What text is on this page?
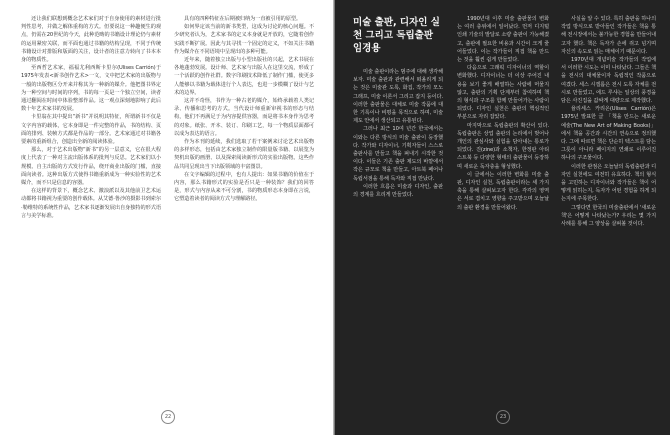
还让我们联想到概念艺术家们对于自身使用的素材进行批判性思考，并做之解体重构的方式。但要说这一种趣便生的观点，仍需在20世纪的今天，此种范畴的书籍设计理论仍与素材的运用紧密关联，而平面也通过书籍的结构呈现，不同于传统书籍设计对排版和版面的关注，设计者的注意力转向了书本本身的物质性。

至西哲艺术家，福福尤利西斯卡里尔(Ulises Carrión)于1975年发表<新书创作艺术>一文，文中把艺术家的出版物与一般的出版物区分开来并称其为一种新的媒介。他把图书界定为一种空间与时间的序列，书的每一页是一个独立空间，读者通过翻阅在时间中体验整部作品。这一观点深刻地影响了此后数十年艺术家书的发展。

卡里翁在其中提出“新书”并说明其特征，所谓新书不仅是文字内容的载体，它本身即是一件完整的作品，书的结构、页面的排列、装帧方式都是作品的一部分。艺术家通过对书籍各要素的重新组合，创造出全新的阅读体验。

那么，对于艺术出版物“新书”的另一层意义，它在很大程度上代表了一种对主流出版体系的批判与反思。艺术家们以小规模、自主出版的方式发行作品，绕开商业出版的门槛，直接面向读者。这种出版方式使得书籍重新成为一种实验性的艺术媒介，而不只是信息的容器。

在这样的背景下，概念艺术、激浪派以及其他前卫艺术运动都将书籍视为重要的创作载体。从艾德·鲁沙的摄影书到索尔·勒维特的系统性作品，艺术家书逐渐发展出自身独特的形式语言与美学标准。

具有的四种特征在后期被归纳为一直被引用的原型。

如何界定该当前的新书类型，这成为讨论的核心问题。不少研究者认为，艺术家书的定义本身就是开放的，它随着创作实践不断扩展。因此与其寻找一个固定的定义，不如关注书籍作为媒介在不同语境中呈现出的多种可能。

近年来，随着独立出版与小型出版社的兴起，艺术书展在各地蓬勃发展。设计师、艺术家与出版人在这里交流，形成了一个活跃的创作社群。数字印刷技术降低了制作门槛，使更多人能够以书籍为载体进行个人表达，也进一步模糊了设计与艺术的边界。

这并不奇怪，书作为一种古老的媒介，始终承载着人类记录、传播和思考的方式。当代设计师重新审视书的形态与结构，他们不再满足于为内容提供容器，而是将书本身作为思考的对象。纸张、开本、装订、印刷工艺，每一个物质层面都可以成为表达的语言。

作为本刊的延续，我们选取了若干案例来讨论艺术出版物的多样形态，包括由艺术家独立制作的限量版书籍、以展览为契机出版的画册、以及探索阅读新形式的实验出版物。这些作品共同呈现出当下出版领域的丰富图景。

在文字编辑的过程中，也有人提出：如果书籍的价值在于内容，那么书籍形式的实验是否只是一种装饰？我们的回答是，形式与内容从来不可分割，书的物质形态本身即在言说，它塑造着读者的阅读方式与理解路径。

22
미술 출판, 디자인 실천 그리고 독립출판
임경용

미술 출판이라는 범주에 대해 생각해보자. 미술 출판과 관련해서 떠올리게 되는 것은 미술관 도록, 화집, 작가의 모노그래프, 미술 이론서 그리고 잡지 등이다. 이러한 출판물은 대체로 미술 작품에 대한 기록이나 비평을 목적으로 하며, 미술 제도 안에서 생산되고 유통된다.

그러나 최근 10여 년간 한국에서는 이와는 다른 방식의 미술 출판이 등장했다. 작가와 디자이너, 기획자들이 스스로 출판사를 만들고 책을 펴내기 시작한 것이다. 이들은 기존 출판 제도의 바깥에서 작은 규모로 책을 만들고, 아트북 페어나 독립서점을 통해 독자와 직접 만났다.

이러한 흐름은 미술과 디자인, 출판의 경계를 흐리게 만들었다.

1990년대 이후 미술 출판물의 변화는 여러 층위에서 일어났다. 먼저 디지털 인쇄 기술의 발달로 소량 출판이 가능해졌고, 출판에 필요한 비용과 시간이 크게 줄어들었다. 이는 작가들이 직접 책을 만드는 것을 훨씬 쉽게 만들었다.

다음으로 그래픽 디자이너의 역할이 변화했다. 디자이너는 더 이상 주어진 내용을 보기 좋게 배열하는 사람에 머물지 않고, 출판의 기획 단계부터 참여하며 책의 형식과 구조를 함께 만들어가는 사람이 되었다. 디자인 실천은 출판의 핵심적인 부분으로 자리 잡았다.

마지막으로 독립출판의 확산이 있다. 독립출판은 상업 출판의 논리에서 벗어나 개인의 관심사와 실험을 담아내는 통로가 되었다. 진(zine)과 소책자, 한정판 아티스트북 등 다양한 형태의 출판물이 등장하며 새로운 독자층을 형성했다.

이 글에서는 이러한 변화를 미술 출판, 디자인 실천, 독립출판이라는 세 가지 축을 통해 살펴보고자 한다. 각각의 영역은 서로 겹치고 영향을 주고받으며 오늘날의 출판 환경을 만들어왔다.

사실을 알 수 있다. 특히 출판을 하나의 작업 방식으로 받아들인 작가들은 책을 통해 전시장에서는 불가능한 경험을 만들어내고자 했다. 책은 독자가 손에 쥐고 넘기며 자신의 속도로 읽는 매체이기 때문이다.

1970년대 개념미술 작가들의 작업에서 이러한 시도는 이미 나타났다. 그들은 책을 전시의 대체물이자 독립적인 작품으로 여겼다. 세스 시겔롭은 전시 도록 자체를 전시로 만들었고, 에드 루샤는 일상의 풍경을 담은 사진집을 값싸게 대량으로 제작했다.

율리세스 카리온(Ulises Carrión)은 1975년 발표한 글 「책을 만드는 새로운 예술(The New Art of Making Books)」에서 책을 공간과 시간의 연속으로 정의했다. 그에 따르면 책은 단순히 텍스트를 담는 그릇이 아니라 페이지의 연쇄로 이루어진 하나의 구조물이다.

이러한 관점은 오늘날의 독립출판과 디자인 실천에도 여전히 유효하다. 책의 형식을 고민하는 디자이너와 작가들은 책이 어떻게 읽히는지, 독자가 어떤 경험을 하게 되는지에 주목한다.

그렇다면 한국의 미술출판에서 '새로운 책'은 어떻게 나타났는가? 우리는 몇 가지 사례를 통해 그 양상을 살펴볼 것이다.

23
